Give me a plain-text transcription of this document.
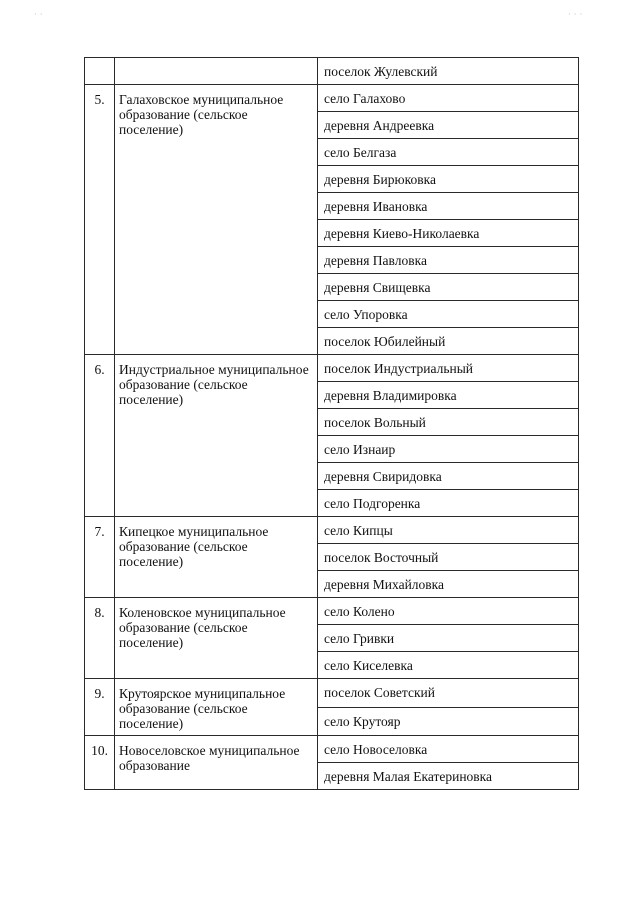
· ·	· · ·
		поселок Жулевский
5.	Галаховское муниципальное образование (сельское поселение)	село Галахово
		деревня Андреевка
		село Белгаза
		деревня Бирюковка
		деревня Ивановка
		деревня Киево-Николаевка
		деревня Павловка
		деревня Свищевка
		село Упоровка
		поселок Юбилейный
6.	Индустриальное муниципальное образование (сельское поселение)	поселок Индустриальный
		деревня Владимировка
		поселок Вольный
		село Изнаир
		деревня Свиридовка
		село Подгоренка
7.	Кипецкое муниципальное образование (сельское поселение)	село Кипцы
		поселок Восточный
		деревня Михайловка
8.	Коленовское муниципальное образование (сельское поселение)	село Колено
		село Гривки
		село Киселевка
9.	Крутоярское муниципальное образование (сельское поселение)	поселок Советский
		село Крутояр
10.	Новоселовское муниципальное образование	село Новоселовка
		деревня Малая Екатериновка
